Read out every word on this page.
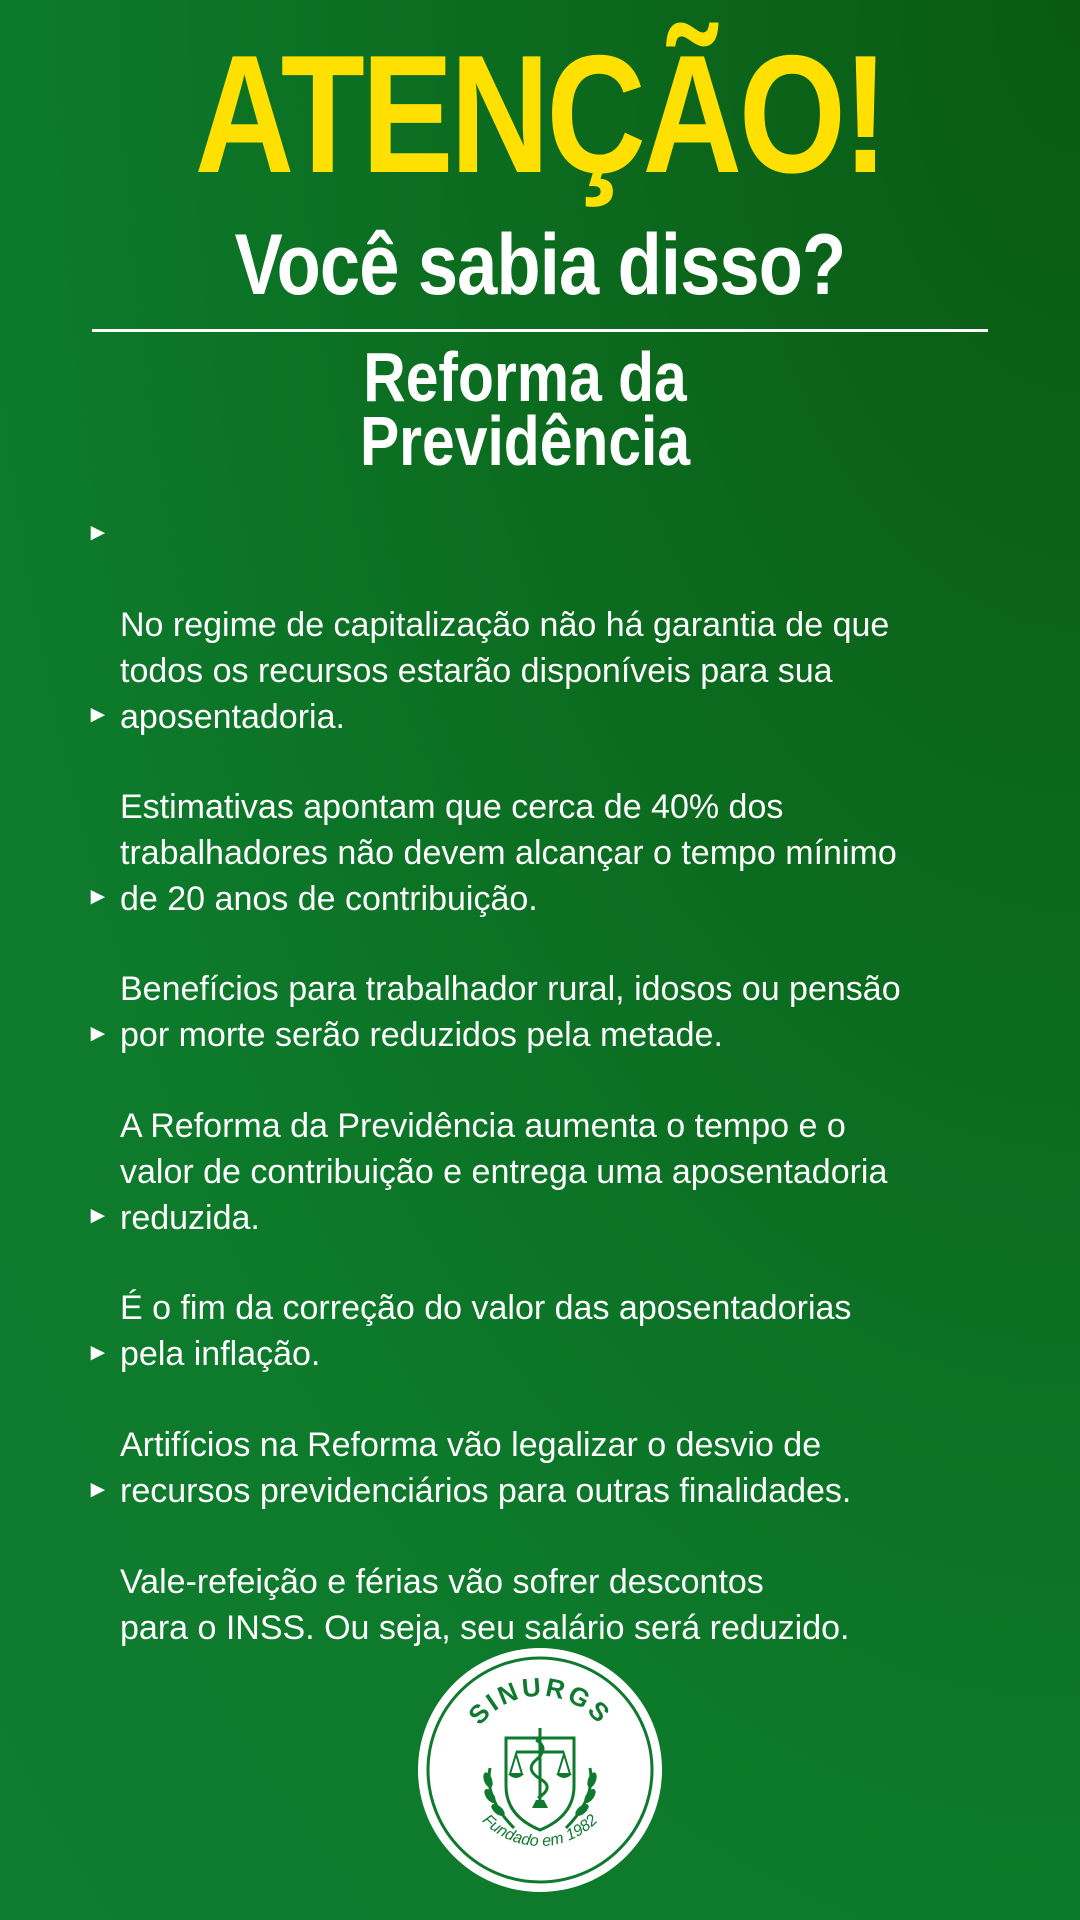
ATENÇÃO!
Você sabia disso?
Reforma da
Previdência

►

No regime de capitalização não há garantia de que
todos os recursos estarão disponíveis para sua
aposentadoria.

►

Estimativas apontam que cerca de 40% dos
trabalhadores não devem alcançar o tempo mínimo
de 20 anos de contribuição.

►

Benefícios para trabalhador rural, idosos ou pensão
por morte serão reduzidos pela metade.

►

A Reforma da Previdência aumenta o tempo e o
valor de contribuição e entrega uma aposentadoria
reduzida.

►

É o fim da correção do valor das aposentadorias
pela inflação.

►

Artifícios na Reforma vão legalizar o desvio de
recursos previdenciários para outras finalidades.

►

Vale-refeição e férias vão sofrer descontos
para o INSS. Ou seja, seu salário será reduzido.

SINURGS
Fundado em 1982
